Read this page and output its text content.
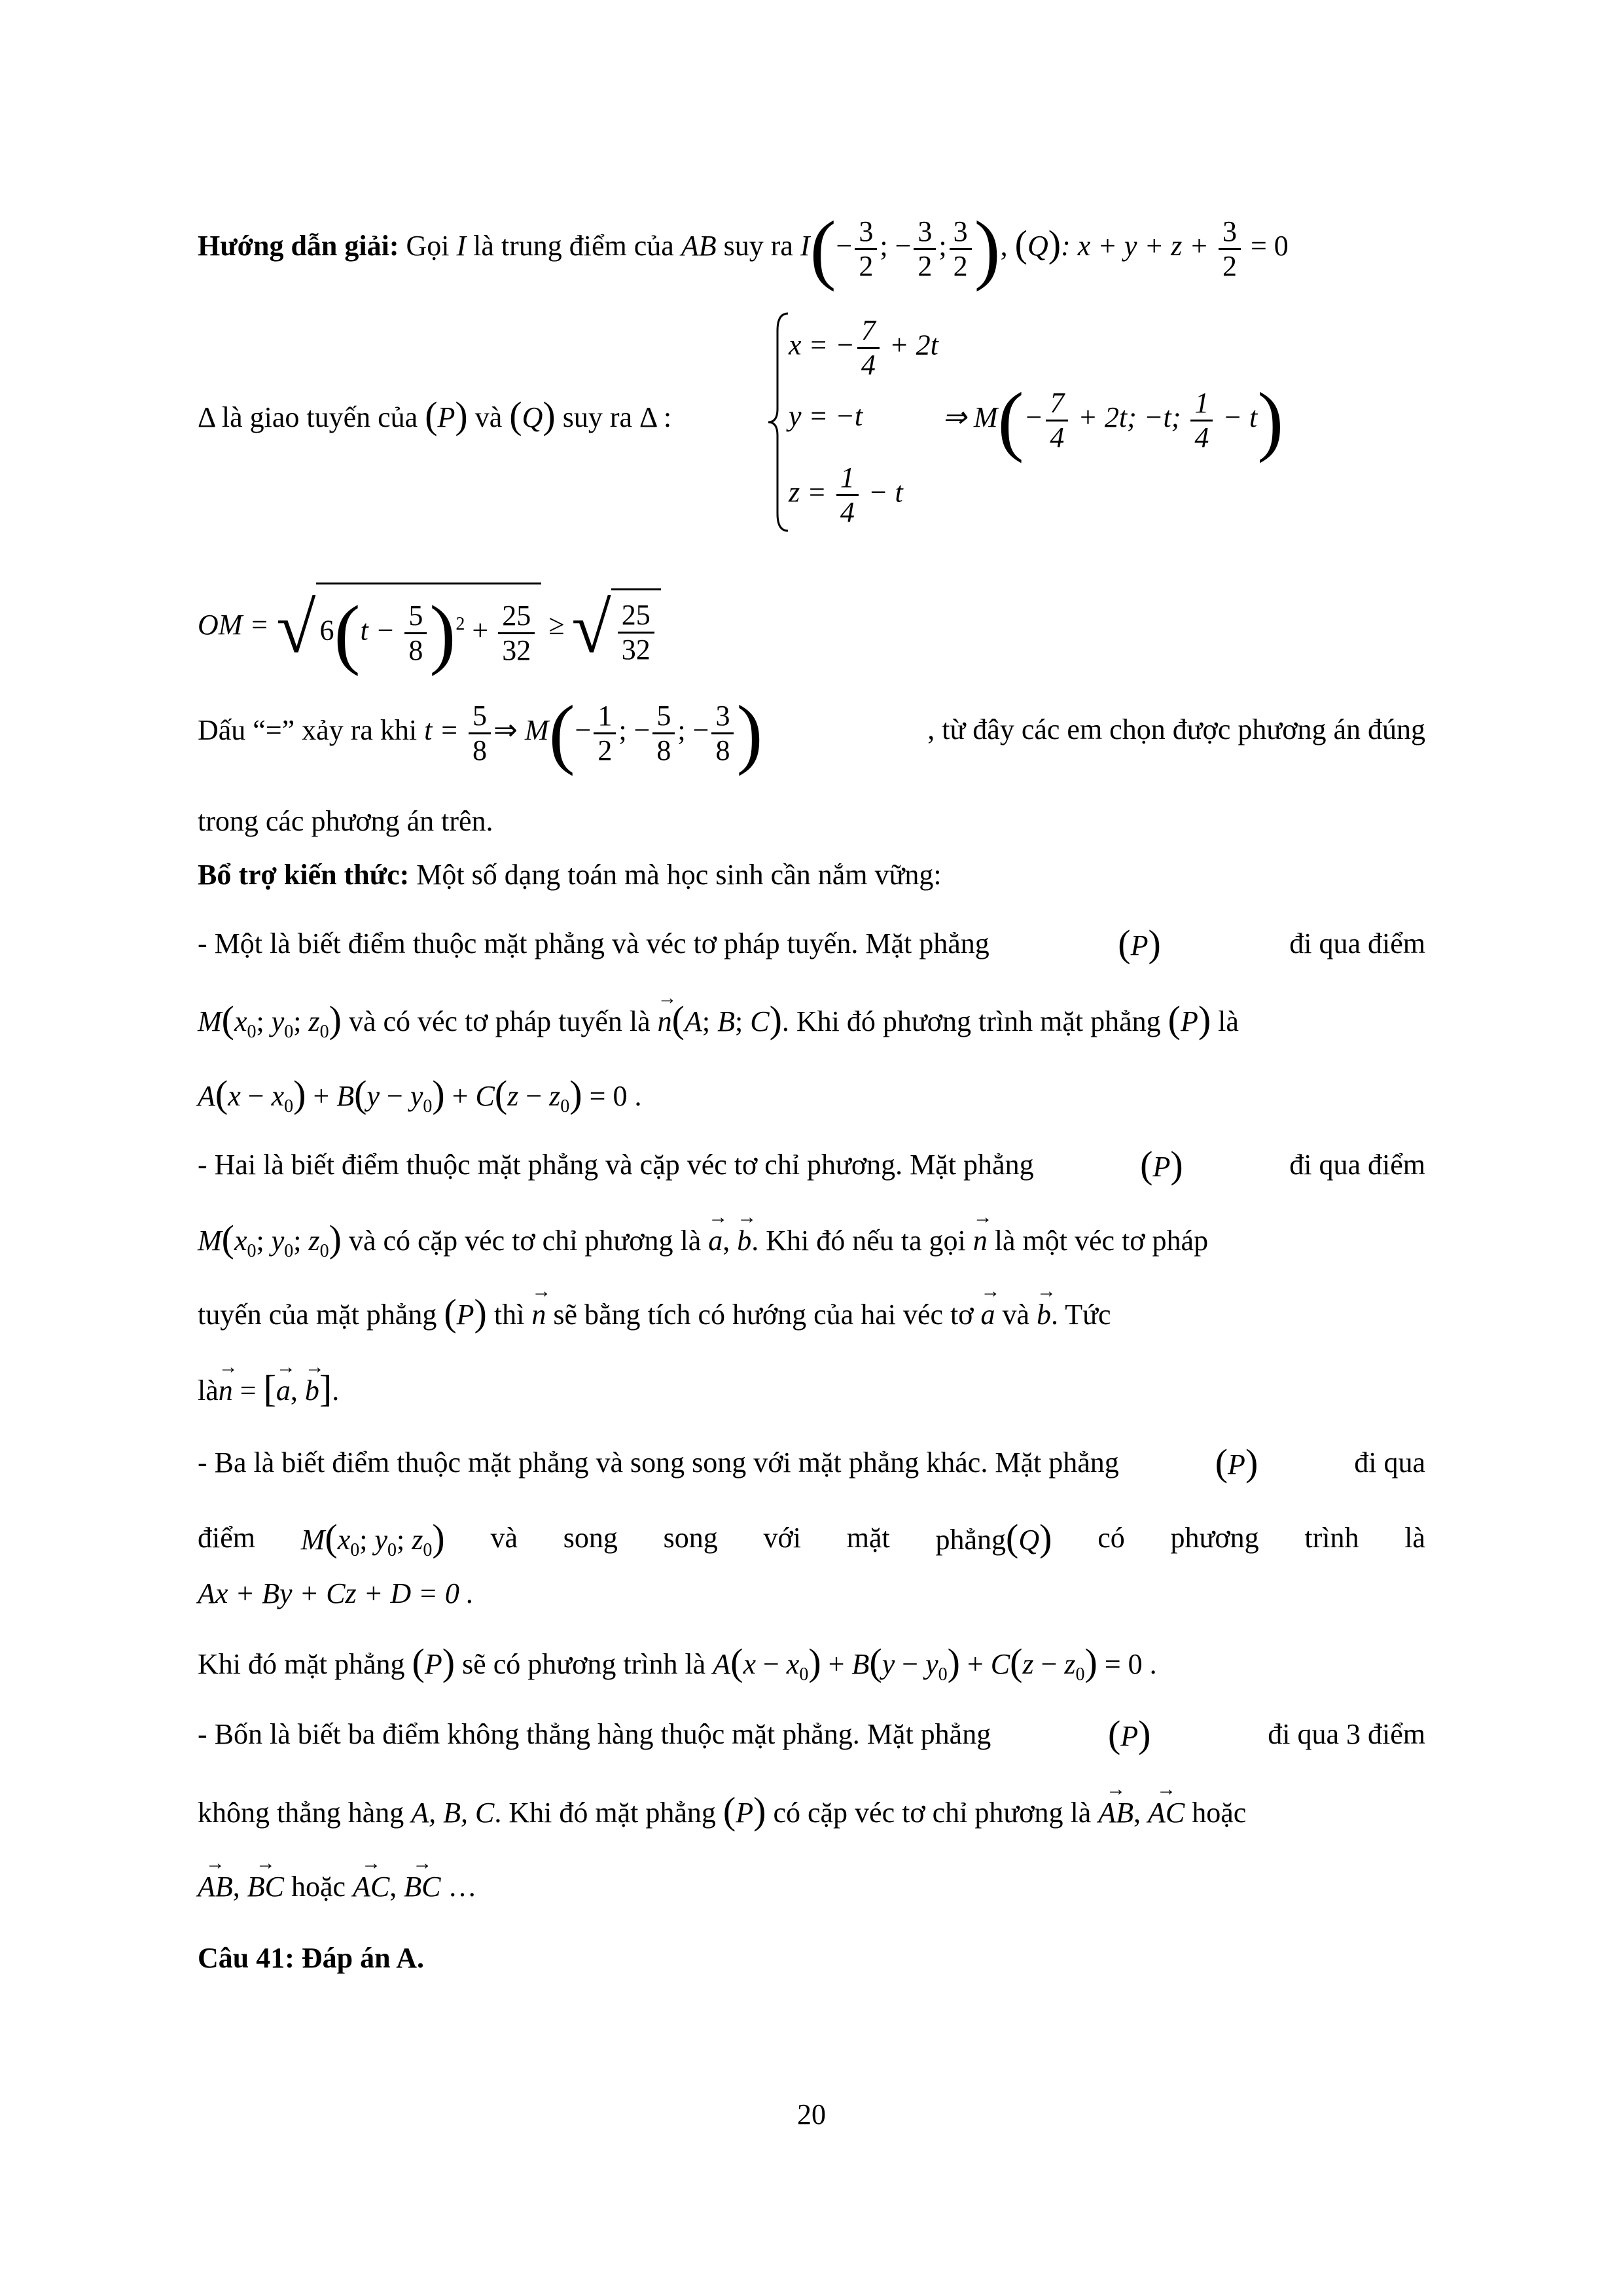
Hướng dẫn giải: Gọi I là trung điểm của AB suy ra $I(- \frac{3}{2}$ ; − $\frac{3}{2}$ ; $\frac{3}{2}$ ), (Q): $x + y + z + \frac{3}{2} = 0$
Δ là giao tuyến của (P) và (Q) suy ra Δ :
x = − $\frac{7}{4} + 2t$
y = −t
$z = \frac{1}{4} - t$
⇒ $M(- \frac{7}{4} + 2t$; −t; $\frac{1}{4} - t$)
OM = √ $6(t - \frac{5}{8} )^2 + \frac{25}{32}$ ≥ √ $\frac{25}{32}$
Dấu “=” xảy ra khi $t = \frac{5}{8}$ ⇒ $M(- \frac{1}{2}$ ; − $\frac{5}{8}$ ; − $\frac{3}{8}$ )	, từ đây các em chọn được phương án đúng
trong các phương án trên.
Bổ trợ kiến thức: Một số dạng toán mà học sinh cần nắm vững:
- Một là biết điểm thuộc mặt phẳng và véc tơ pháp tuyến. Mặt phẳng	(P)	đi qua điểm
$M(x_0$; $y_0$; $z_0$) và có véc tơ pháp tuyến là → n(A; B; C). Khi đó phương trình mặt phẳng (P) là
$A(x - x_0) + B(y - y_0) + C(z - z_0) = 0$ .
- Hai là biết điểm thuộc mặt phẳng và cặp véc tơ chỉ phương. Mặt phẳng	(P)	đi qua điểm
$M(x_0$; $y_0$; $z_0$) và có cặp véc tơ chỉ phương là → a, → b. Khi đó nếu ta gọi → n là một véc tơ pháp
tuyến của mặt phẳng (P) thì → n sẽ bằng tích có hướng của hai véc tơ → a và → b. Tức
là→ n = [→ a, → b].
- Ba là biết điểm thuộc mặt phẳng và song song với mặt phẳng khác. Mặt phẳng	(P)	đi qua
điểm $M(x_0$; $y_0$; $z_0$) và song song với mặt phẳng(Q) có phương trình là
Ax + By + Cz + D = 0 .
Khi đó mặt phẳng (P) sẽ có phương trình là $A(x - x_0) + B(y - y_0) + C(z - z_0) = 0$ .
- Bốn là biết ba điểm không thẳng hàng thuộc mặt phẳng. Mặt phẳng	(P)	đi qua 3 điểm
không thẳng hàng A, B, C. Khi đó mặt phẳng (P) có cặp véc tơ chỉ phương là → AB, → AC hoặc
→ AB, → BC hoặc → AC, → BC …
Câu 41: Đáp án A.
20
